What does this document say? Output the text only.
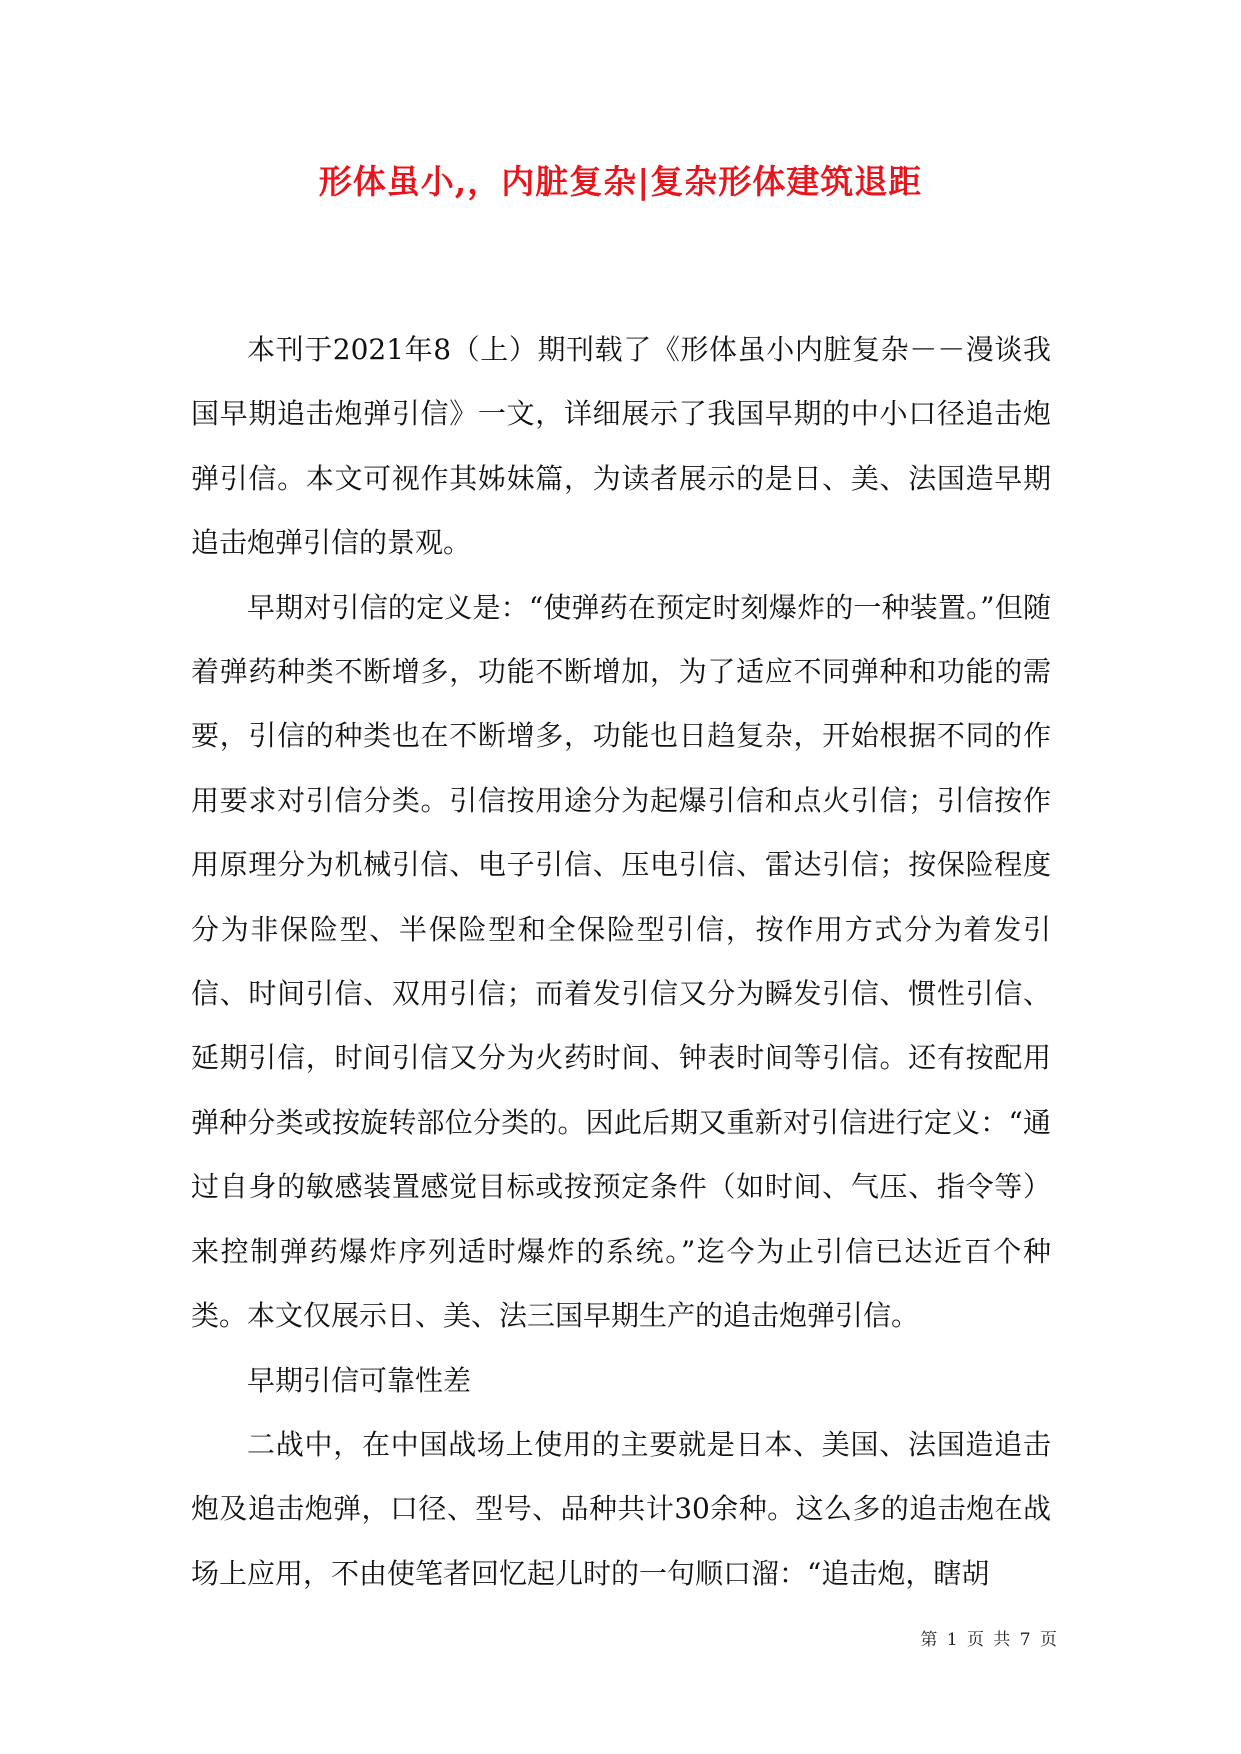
形体虽小,，内脏复杂|复杂形体建筑退距

本刊于2021年8（上）期刊载了《形体虽小内脏复杂－－漫谈我国早期追击炮弹引信》一文，详细展示了我国早期的中小口径追击炮弹引信。本文可视作其姊妹篇，为读者展示的是日、美、法国造早期追击炮弹引信的景观。

早期对引信的定义是：“使弹药在预定时刻爆炸的一种装置。”但随着弹药种类不断增多，功能不断增加，为了适应不同弹种和功能的需要，引信的种类也在不断增多，功能也日趋复杂，开始根据不同的作用要求对引信分类。引信按用途分为起爆引信和点火引信；引信按作用原理分为机械引信、电子引信、压电引信、雷达引信；按保险程度分为非保险型、半保险型和全保险型引信，按作用方式分为着发引信、时间引信、双用引信；而着发引信又分为瞬发引信、惯性引信、延期引信，时间引信又分为火药时间、钟表时间等引信。还有按配用弹种分类或按旋转部位分类的。因此后期又重新对引信进行定义：“通过自身的敏感装置感觉目标或按预定条件（如时间、气压、指令等）来控制弹药爆炸序列适时爆炸的系统。”迄今为止引信已达近百个种类。本文仅展示日、美、法三国早期生产的追击炮弹引信。

早期引信可靠性差

二战中，在中国战场上使用的主要就是日本、美国、法国造追击炮及追击炮弹，口径、型号、品种共计30余种。这么多的追击炮在战场上应用，不由使笔者回忆起儿时的一句顺口溜：“追击炮，瞎胡

第 1 页 共 7 页
